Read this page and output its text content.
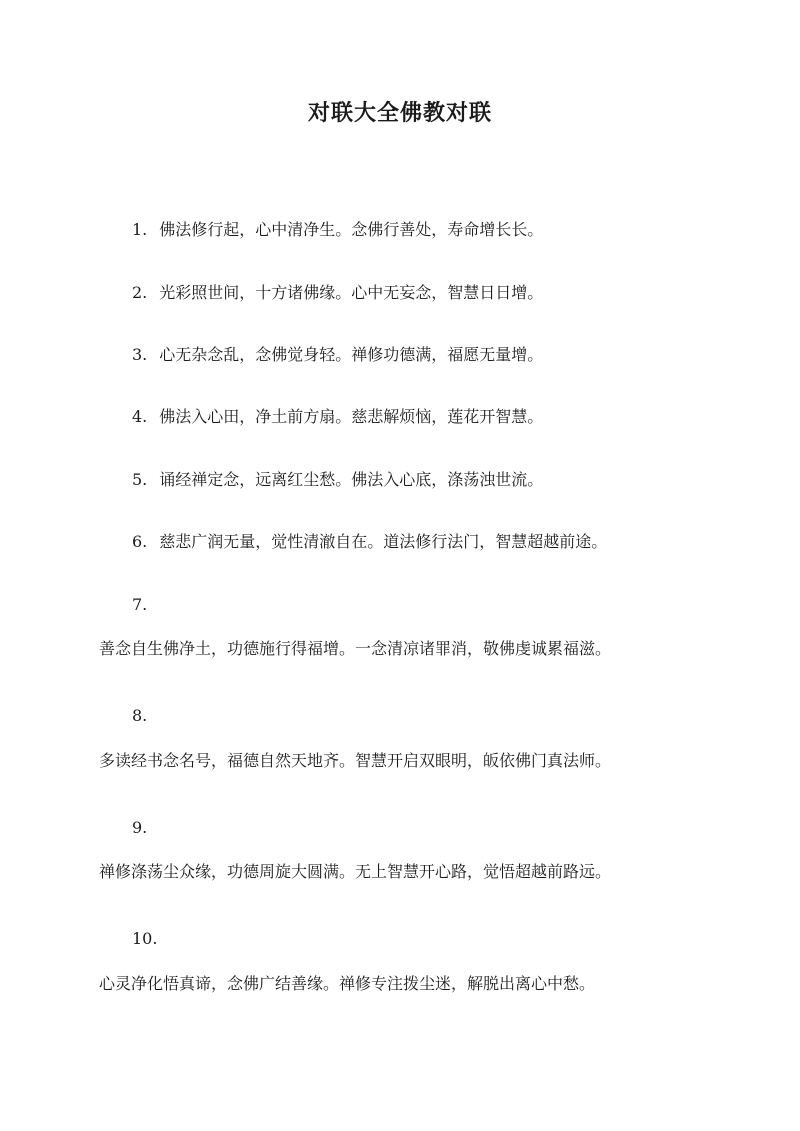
对联大全佛教对联
1. 佛法修行起，心中清净生。念佛行善处，寿命增长长。
2. 光彩照世间，十方诸佛缘。心中无妄念，智慧日日增。
3. 心无杂念乱，念佛觉身轻。禅修功德满，福愿无量增。
4. 佛法入心田，净土前方扇。慈悲解烦恼，莲花开智慧。
5. 诵经禅定念，远离红尘愁。佛法入心底，涤荡浊世流。
6. 慈悲广润无量，觉性清澈自在。道法修行法门，智慧超越前途。
7.
善念自生佛净土，功德施行得福增。一念清凉诸罪消，敬佛虔诚累福滋。
8.
多读经书念名号，福德自然天地齐。智慧开启双眼明，皈依佛门真法师。
9.
禅修涤荡尘众缘，功德周旋大圆满。无上智慧开心路，觉悟超越前路远。
10.
心灵净化悟真谛，念佛广结善缘。禅修专注拨尘迷，解脱出离心中愁。
